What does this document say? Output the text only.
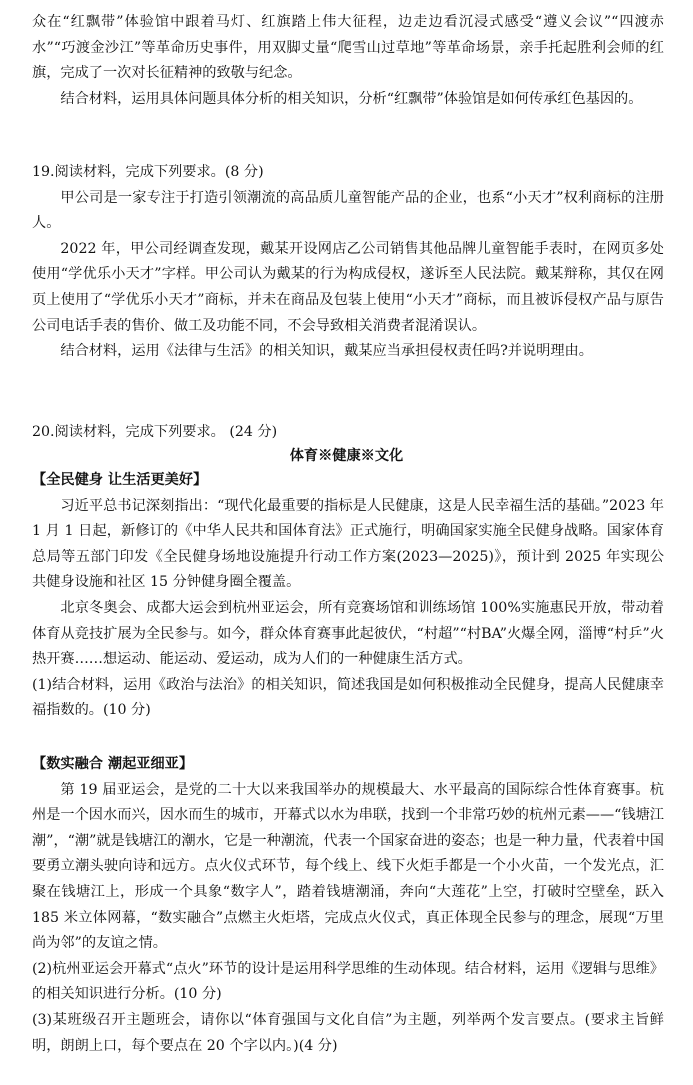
众在“红飘带”体验馆中跟着马灯、红旗踏上伟大征程，边走边看沉浸式感受“遵义会议”“四渡赤水”“巧渡金沙江”等革命历史事件，用双脚丈量“爬雪山过草地”等革命场景，亲手托起胜利会师的红旗，完成了一次对长征精神的致敬与纪念。

结合材料，运用具体问题具体分析的相关知识，分析“红飘带”体验馆是如何传承红色基因的。

19.阅读材料，完成下列要求。(8 分)

甲公司是一家专注于打造引领潮流的高品质儿童智能产品的企业，也系“小天才”权利商标的注册人。

2022 年，甲公司经调查发现，戴某开设网店乙公司销售其他品牌儿童智能手表时，在网页多处使用“学优乐小天才”字样。甲公司认为戴某的行为构成侵权，遂诉至人民法院。戴某辩称，其仅在网页上使用了“学优乐小天才”商标，并未在商品及包装上使用“小天才”商标，而且被诉侵权产品与原告公司电话手表的售价、做工及功能不同，不会导致相关消费者混淆误认。

结合材料，运用《法律与生活》的相关知识，戴某应当承担侵权责任吗?并说明理由。

20.阅读材料，完成下列要求。 (24 分)
体育※健康※文化

【全民健身 让生活更美好】

习近平总书记深刻指出：“现代化最重要的指标是人民健康，这是人民幸福生活的基础。”2023 年 1 月 1 日起，新修订的《中华人民共和国体育法》正式施行，明确国家实施全民健身战略。国家体育总局等五部门印发《全民健身场地设施提升行动工作方案(2023—2025)》，预计到 2025 年实现公共健身设施和社区 15 分钟健身圈全覆盖。

北京冬奥会、成都大运会到杭州亚运会，所有竞赛场馆和训练场馆 100%实施惠民开放，带动着体育从竞技扩展为全民参与。如今，群众体育赛事此起彼伏，“村超”“村BA”火爆全网，淄博“村乒”火热开赛……想运动、能运动、爱运动，成为人们的一种健康生活方式。

(1)结合材料，运用《政治与法治》的相关知识，简述我国是如何积极推动全民健身，提高人民健康幸福指数的。(10 分)

【数实融合 潮起亚细亚】

第 19 届亚运会，是党的二十大以来我国举办的规模最大、水平最高的国际综合性体育赛事。杭州是一个因水而兴，因水而生的城市，开幕式以水为串联，找到一个非常巧妙的杭州元素——“钱塘江潮”，“潮”就是钱塘江的潮水，它是一种潮流，代表一个国家奋进的姿态；也是一种力量，代表着中国要勇立潮头驶向诗和远方。点火仪式环节，每个线上、线下火炬手都是一个小火苗，一个发光点，汇聚在钱塘江上，形成一个具象“数字人”，踏着钱塘潮涌，奔向“大莲花”上空，打破时空壁垒，跃入 185 米立体网幕，“数实融合”点燃主火炬塔，完成点火仪式，真正体现全民参与的理念，展现“万里尚为邻”的友谊之情。

(2)杭州亚运会开幕式“点火”环节的设计是运用科学思维的生动体现。结合材料，运用《逻辑与思维》的相关知识进行分析。(10 分)

(3)某班级召开主题班会，请你以“体育强国与文化自信”为主题，列举两个发言要点。(要求主旨鲜明，朗朗上口，每个要点在 20 个字以内。)(4 分)
